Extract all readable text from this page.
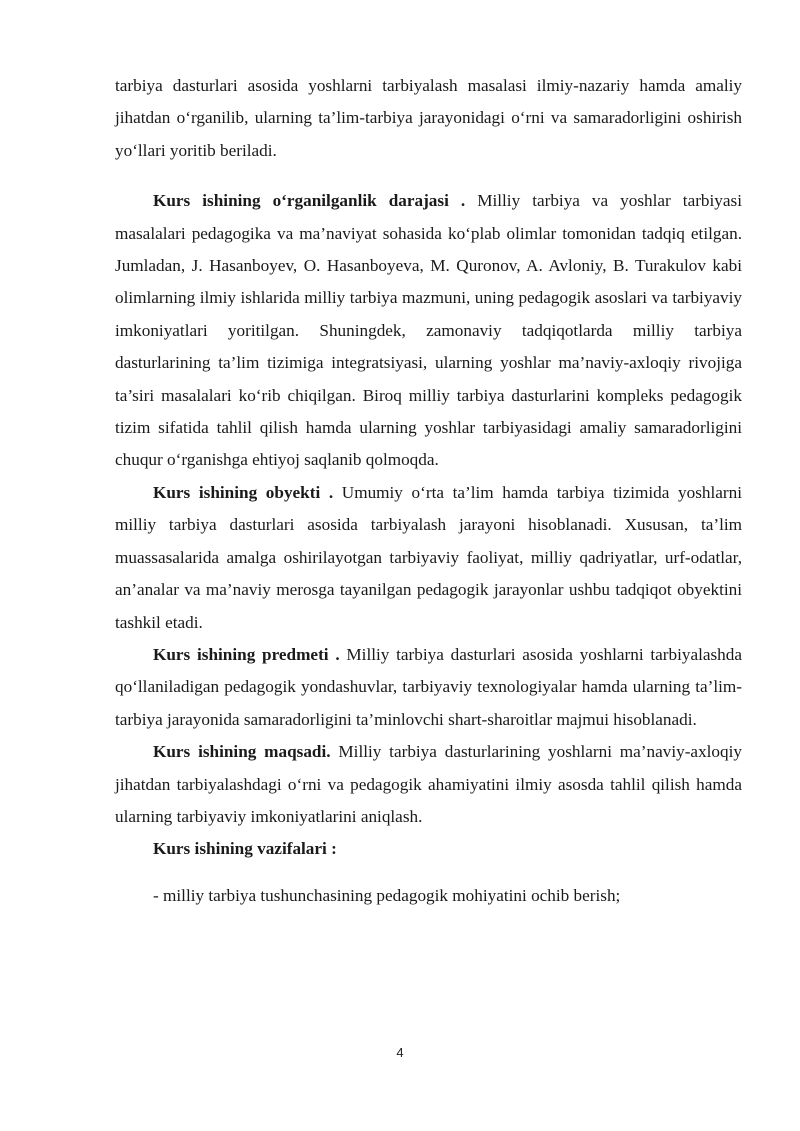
tarbiya dasturlari asosida yoshlarni tarbiyalash masalasi ilmiy-nazariy hamda amaliy jihatdan o‘rganilib, ularning ta’lim-tarbiya jarayonidagi o‘rni va samaradorligini oshirish yo‘llari yoritib beriladi.

Kurs ishining o‘rganilganlik darajasi . Milliy tarbiya va yoshlar tarbiyasi masalalari pedagogika va ma’naviyat sohasida ko‘plab olimlar tomonidan tadqiq etilgan. Jumladan, J. Hasanboyev, O. Hasanboyeva, M. Quronov, A. Avloniy, B. Turakulov kabi olimlarning ilmiy ishlarida milliy tarbiya mazmuni, uning pedagogik asoslari va tarbiyaviy imkoniyatlari yoritilgan. Shuningdek, zamonaviy tadqiqotlarda milliy tarbiya dasturlarining ta’lim tizimiga integratsiyasi, ularning yoshlar ma’naviy-axloqiy rivojiga ta’siri masalalari ko‘rib chiqilgan. Biroq milliy tarbiya dasturlarini kompleks pedagogik tizim sifatida tahlil qilish hamda ularning yoshlar tarbiyasidagi amaliy samaradorligini chuqur o‘rganishga ehtiyoj saqlanib qolmoqda.

Kurs ishining obyekti . Umumiy o‘rta ta’lim hamda tarbiya tizimida yoshlarni milliy tarbiya dasturlari asosida tarbiyalash jarayoni hisoblanadi. Xususan, ta’lim muassasalarida amalga oshirilayotgan tarbiyaviy faoliyat, milliy qadriyatlar, urf-odatlar, an’analar va ma’naviy merosga tayanilgan pedagogik jarayonlar ushbu tadqiqot obyektini tashkil etadi.

Kurs ishining predmeti . Milliy tarbiya dasturlari asosida yoshlarni tarbiyalashda qo‘llaniladigan pedagogik yondashuvlar, tarbiyaviy texnologiyalar hamda ularning ta’lim-tarbiya jarayonida samaradorligini ta’minlovchi shart-sharoitlar majmui hisoblanadi.

Kurs ishining maqsadi. Milliy tarbiya dasturlarining yoshlarni ma’naviy-axloqiy jihatdan tarbiyalashdagi o‘rni va pedagogik ahamiyatini ilmiy asosda tahlil qilish hamda ularning tarbiyaviy imkoniyatlarini aniqlash.

Kurs ishining vazifalari :

- milliy tarbiya tushunchasining pedagogik mohiyatini ochib berish;

4
